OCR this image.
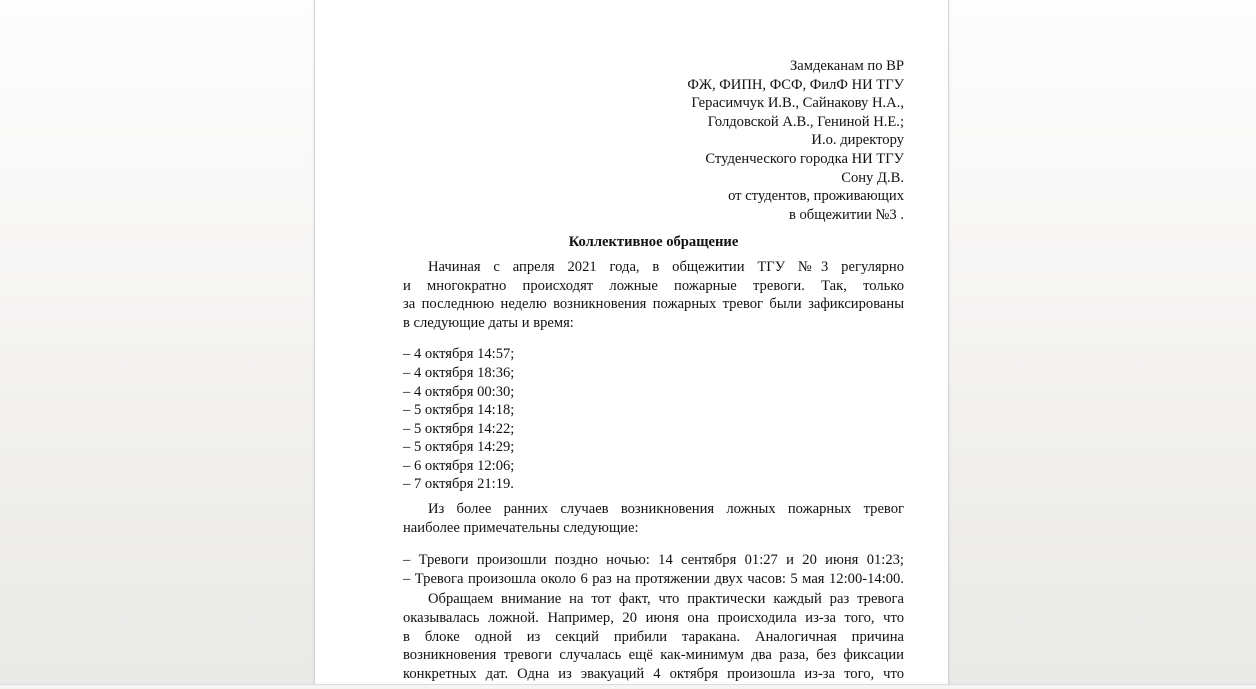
Замдеканам по ВР
ФЖ, ФИПН, ФСФ, ФилФ НИ ТГУ
Герасимчук И.В., Сайнакову Н.А.,
Голдовской А.В., Гениной Н.Е.;
И.о. директору
Студенческого городка НИ ТГУ
Сону Д.В.
от студентов, проживающих
в общежитии №3 .
Коллективное обращение
Начиная с апреля 2021 года, в общежитии ТГУ №3 регулярно
и многократно происходят ложные пожарные тревоги. Так, только
за последнюю неделю возникновения пожарных тревог были зафиксированы
в следующие даты и время:
– 4 октября 14:57;
– 4 октября 18:36;
– 4 октября 00:30;
– 5 октября 14:18;
– 5 октября 14:22;
– 5 октября 14:29;
– 6 октября 12:06;
– 7 октября 21:19.
Из более ранних случаев возникновения ложных пожарных тревог
наиболее примечательны следующие:
– Тревоги произошли поздно ночью: 14 сентября 01:27 и 20 июня 01:23;
– Тревога произошла около 6 раз на протяжении двух часов: 5 мая 12:00-14:00.
Обращаем внимание на тот факт, что практически каждый раз тревога
оказывалась ложной. Например, 20 июня она происходила из-за того, что
в блоке одной из секций прибили таракана. Аналогичная причина
возникновения тревоги случалась ещё как-минимум два раза, без фиксации
конкретных дат. Одна из эвакуаций 4 октября произошла из-за того, что
